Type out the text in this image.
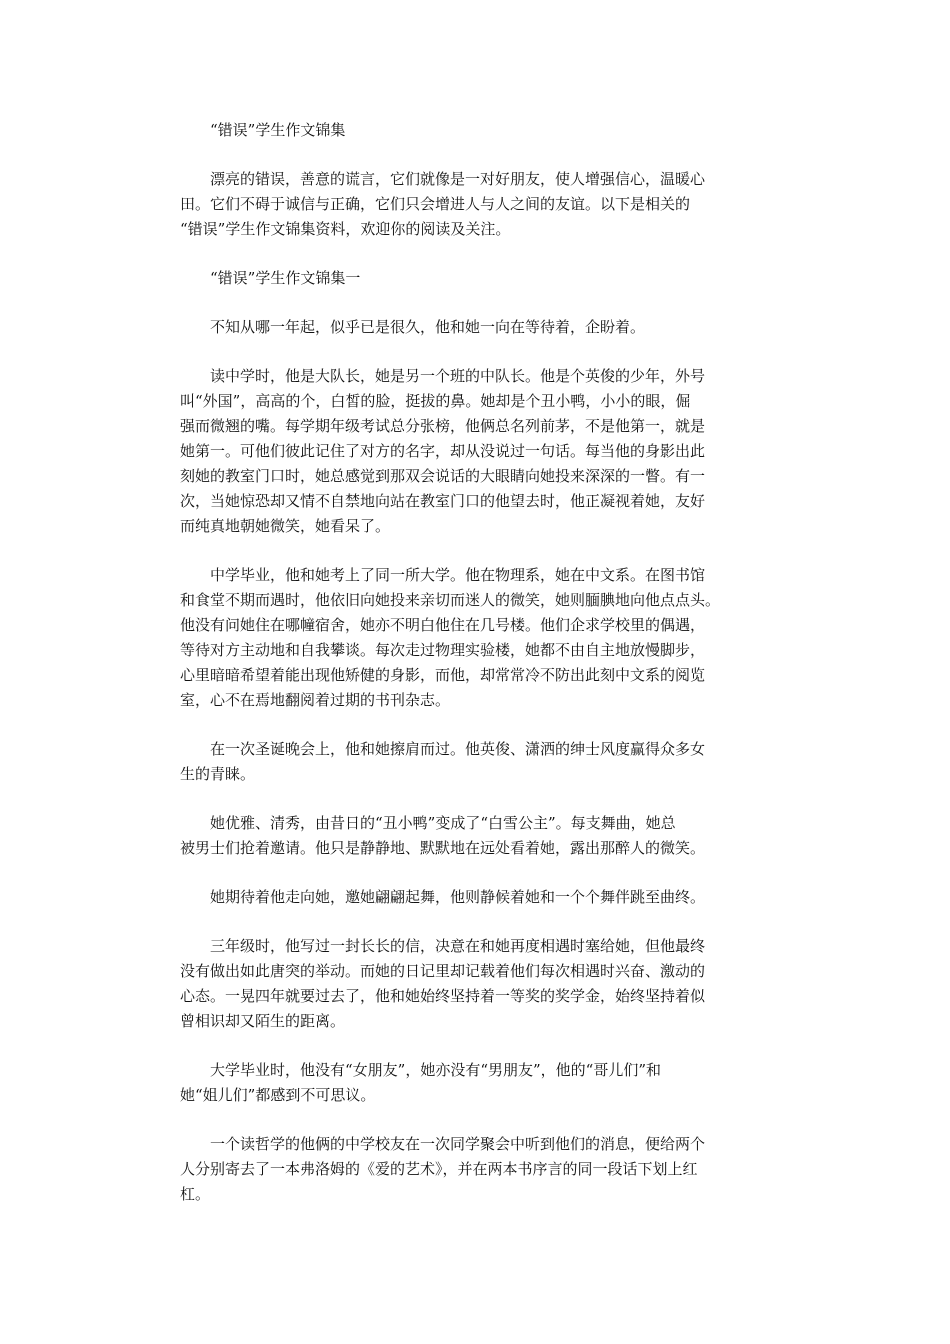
“错误”学生作文锦集

漂亮的错误，善意的谎言，它们就像是一对好朋友，使人增强信心，温暖心
田。它们不碍于诚信与正确，它们只会增进人与人之间的友谊。以下是相关的
“错误”学生作文锦集资料，欢迎你的阅读及关注。

“错误”学生作文锦集一

不知从哪一年起，似乎已是很久，他和她一向在等待着，企盼着。

读中学时，他是大队长，她是另一个班的中队长。他是个英俊的少年，外号
叫“外国”，高高的个，白皙的脸，挺拔的鼻。她却是个丑小鸭，小小的眼，倔
强而微翘的嘴。每学期年级考试总分张榜，他俩总名列前茅，不是他第一，就是
她第一。可他们彼此记住了对方的名字，却从没说过一句话。每当他的身影出此
刻她的教室门口时，她总感觉到那双会说话的大眼睛向她投来深深的一瞥。有一
次，当她惊恐却又情不自禁地向站在教室门口的他望去时，他正凝视着她，友好
而纯真地朝她微笑，她看呆了。

中学毕业，他和她考上了同一所大学。他在物理系，她在中文系。在图书馆
和食堂不期而遇时，他依旧向她投来亲切而迷人的微笑，她则腼腆地向他点点头。
他没有问她住在哪幢宿舍，她亦不明白他住在几号楼。他们企求学校里的偶遇，
等待对方主动地和自我攀谈。每次走过物理实验楼，她都不由自主地放慢脚步，
心里暗暗希望着能出现他矫健的身影，而他，却常常冷不防出此刻中文系的阅览
室，心不在焉地翻阅着过期的书刊杂志。

在一次圣诞晚会上，他和她擦肩而过。他英俊、潇洒的绅士风度赢得众多女
生的青睐。

她优雅、清秀，由昔日的“丑小鸭”变成了“白雪公主”。每支舞曲，她总
被男士们抢着邀请。他只是静静地、默默地在远处看着她，露出那醉人的微笑。

她期待着他走向她，邀她翩翩起舞，他则静候着她和一个个舞伴跳至曲终。

三年级时，他写过一封长长的信，决意在和她再度相遇时塞给她，但他最终
没有做出如此唐突的举动。而她的日记里却记载着他们每次相遇时兴奋、激动的
心态。一晃四年就要过去了，他和她始终坚持着一等奖的奖学金，始终坚持着似
曾相识却又陌生的距离。

大学毕业时，他没有“女朋友”，她亦没有“男朋友”，他的“哥儿们”和
她“姐儿们”都感到不可思议。

一个读哲学的他俩的中学校友在一次同学聚会中听到他们的消息，便给两个
人分别寄去了一本弗洛姆的《爱的艺术》，并在两本书序言的同一段话下划上红
杠。
